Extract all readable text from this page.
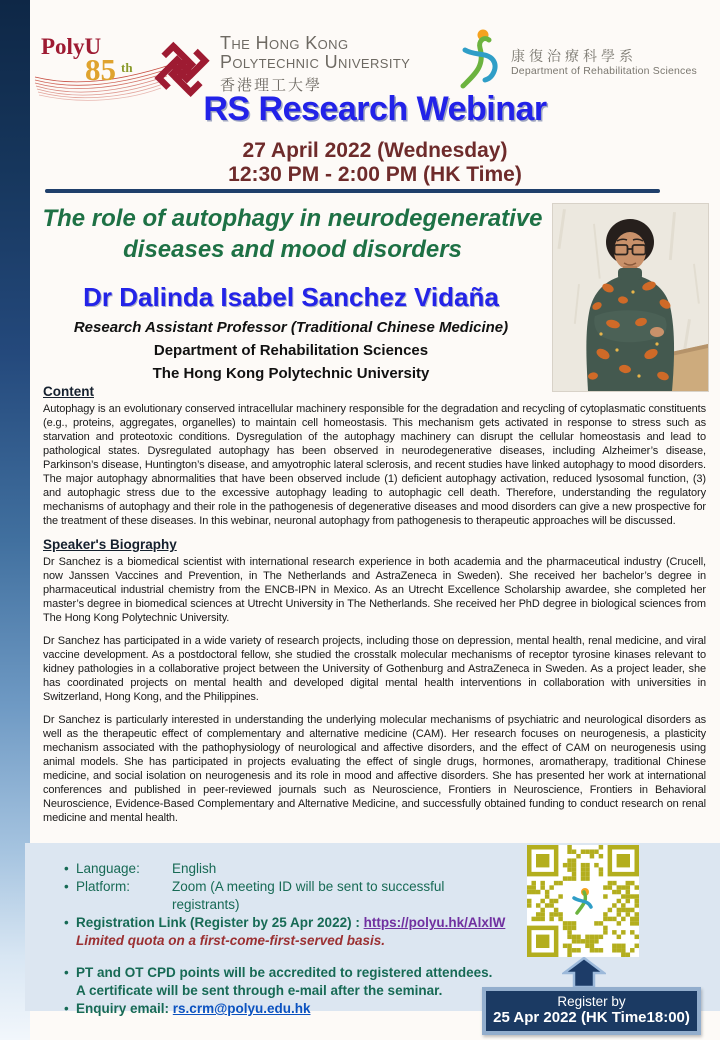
PolyU
85 th
The Hong Kong
Polytechnic University
香港理工大學
康復治療科學系
Department of Rehabilitation Sciences
RS Research Webinar
27 April 2022 (Wednesday)
12:30 PM - 2:00 PM (HK Time)
The role of autophagy in neurodegenerative diseases and mood disorders
Dr Dalinda Isabel Sanchez Vidaña
Research Assistant Professor (Traditional Chinese Medicine)
Department of Rehabilitation Sciences
The Hong Kong Polytechnic University
Content

Autophagy is an evolutionary conserved intracellular machinery responsible for the degradation and recycling of cytoplasmatic constituents (e.g., proteins, aggregates, organelles) to maintain cell homeostasis. This mechanism gets activated in response to stress such as starvation and proteotoxic conditions. Dysregulation of the autophagy machinery can disrupt the cellular homeostasis and lead to pathological states. Dysregulated autophagy has been observed in neurodegenerative diseases, including Alzheimer’s disease, Parkinson’s disease, Huntington’s disease, and amyotrophic lateral sclerosis, and recent studies have linked autophagy to mood disorders. The major autophagy abnormalities that have been observed include (1) deficient autophagy activation, reduced lysosomal function, (3) and autophagic stress due to the excessive autophagy leading to autophagic cell death. Therefore, understanding the regulatory mechanisms of autophagy and their role in the pathogenesis of degenerative diseases and mood disorders can give a new prospective for the treatment of these diseases. In this webinar, neuronal autophagy from pathogenesis to therapeutic approaches will be discussed.

Speaker's Biography

Dr Sanchez is a biomedical scientist with international research experience in both academia and the pharmaceutical industry (Crucell, now Janssen Vaccines and Prevention, in The Netherlands and AstraZeneca in Sweden). She received her bachelor’s degree in pharmaceutical industrial chemistry from the ENCB-IPN in Mexico. As an Utrecht Excellence Scholarship awardee, she completed her master’s degree in biomedical sciences at Utrecht University in The Netherlands. She received her PhD degree in biological sciences from The Hong Kong Polytechnic University.

Dr Sanchez has participated in a wide variety of research projects, including those on depression, mental health, renal medicine, and viral vaccine development. As a postdoctoral fellow, she studied the crosstalk molecular mechanisms of receptor tyrosine kinases relevant to kidney pathologies in a collaborative project between the University of Gothenburg and AstraZeneca in Sweden. As a project leader, she has coordinated projects on mental health and developed digital mental health interventions in collaboration with universities in Switzerland, Hong Kong, and the Philippines.

Dr Sanchez is particularly interested in understanding the underlying molecular mechanisms of psychiatric and neurological disorders as well as the therapeutic effect of complementary and alternative medicine (CAM). Her research focuses on neurogenesis, a plasticity mechanism associated with the pathophysiology of neurological and affective disorders, and the effect of CAM on neurogenesis using animal models. She has participated in projects evaluating the effect of single drugs, hormones, aromatherapy, traditional Chinese medicine, and social isolation on neurogenesis and its role in mood and affective disorders. She has presented her work at international conferences and published in peer-reviewed journals such as Neuroscience, Frontiers in Neuroscience, Frontiers in Behavioral Neuroscience, Evidence-Based Complementary and Alternative Medicine, and successfully obtained funding to conduct research on renal medicine and mental health.

• Language:	English
• Platform:	Zoom (A meeting ID will be sent to successful registrants)
• Registration Link (Register by 25 Apr 2022) : https://polyu.hk/AlxlW
Limited quota on a first-come-first-served basis.
• PT and OT CPD points will be accredited to registered attendees.
A certificate will be sent through e-mail after the seminar.
• Enquiry email: rs.crm@polyu.edu.hk	Register by
25 Apr 2022 (HK Time18:00)
